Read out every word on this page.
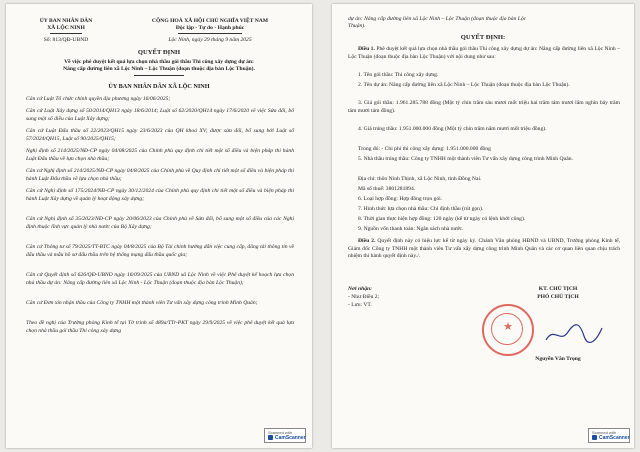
ỦY BAN NHÂN DÂN
XÃ LỘC NINH
Số: 813/QĐ-UBND
CỘNG HOÀ XÃ HỘI CHỦ NGHĨA VIỆT NAM
Độc lập - Tự do - Hạnh phúc
Lộc Ninh, ngày 29 tháng 9 năm 2025
QUYẾT ĐỊNH
Về việc phê duyệt kết quả lựa chọn nhà thầu gói thầu Thi công xây dựng dự án:
Nâng cấp đường liên xã Lộc Ninh – Lộc Thuận (đoạn thuộc địa bàn Lộc Thuận).
ỦY BAN NHÂN DÂN XÃ LỘC NINH
Căn cứ Luật Tổ chức chính quyền địa phương ngày 16/06/2025;
Căn cứ Luật Xây dựng số 50/2014/QH13 ngày 18/6/2014; Luật số 62/2020/QH14 ngày 17/6/2020 về việc Sửa đổi, bổ sung một số điều của Luật Xây dựng;
Căn cứ Luật Đấu thầu số 22/2023/QH15 ngày 23/6/2023 của QH khoá XV; được sửa đổi, bổ sung bởi Luật số 57/2024/QH15, Luật số 90/2025/QH15;
Nghị định số 214/2025/NĐ-CP ngày 04/08/2025 của Chính phủ quy định chi tiết một số điều và biện pháp thi hành Luật Đấu thầu về lựa chọn nhà thầu;
Căn cứ Nghị định số 214/2025/NĐ-CP ngày 04/8/2025 của Chính phủ về Quy định chi tiết một số điều và biện pháp thi hành Luật Đấu thầu về lựa chọn nhà thầu;
Căn cứ Nghị định số 175/2024/NĐ-CP ngày 30/12/2024 của Chính phủ quy định chi tiết một số điều và biện pháp thi hành Luật Xây dựng về quản lý hoạt động xây dựng;
Căn cứ Nghị định số 35/2023/NĐ-CP ngày 20/06/2023 của Chính phủ về Sửa đổi, bổ sung một số điều của các Nghị định thuộc lĩnh vực quản lý nhà nước của Bộ Xây dựng;
Căn cứ Thông tư số 79/2025/TT-BTC ngày 04/8/2025 của Bộ Tài chính hướng dẫn việc cung cấp, đăng tải thông tin về đấu thầu và mẫu hồ sơ đấu thầu trên hệ thống mạng đấu thầu quốc gia;
Căn cứ Quyết định số 626/QĐ-UBND ngày 16/09/2025 của UBND xã Lộc Ninh về việc Phê duyệt kế hoạch lựa chọn nhà thầu dự án: Nâng cấp đường liên xã Lộc Ninh - Lộc Thuận (đoạn thuộc địa bàn Lộc Thuận);
Căn cứ Đơn xin nhận thầu của Công ty TNHH một thành viên Tư vấn xây dựng công trình Minh Quân;
Theo đề nghị của Trưởng phòng Kinh tế tại Tờ trình số 489a/TTr-PKT ngày 29/9/2025 về việc phê duyệt kết quả lựa chọn nhà thầu gói thầu Thi công xây dựng
Scanned with
CamScanner
dự án: Nâng cấp đường liên xã Lộc Ninh – Lộc Thuận (đoạn thuộc địa bàn Lộc
Thuận).
QUYẾT ĐỊNH:
Điều 1. Phê duyệt kết quả lựa chọn nhà thầu gói thầu Thi công xây dựng dự án: Nâng cấp đường liên xã Lộc Ninh – Lộc Thuận (đoạn thuộc địa bàn Lộc Thuận) với nội dung như sau:
1. Tên gói thầu: Thi công xây dựng.
2. Tên dự án: Nâng cấp đường liên xã Lộc Ninh – Lộc Thuận (đoạn thuộc địa bàn Lộc Thuận).
3. Giá gói thầu: 1.961.285.788 đồng (Một tỷ chín trăm sáu mươi mốt triệu hai trăm tám mươi lăm nghìn bảy trăm tám mươi tám đồng).
4. Giá trúng thầu: 1.951.000.000 đồng (Một tỷ chín trăm năm mươi mốt triệu đồng).
Trong đó: - Chi phí thi công xây dựng: 1.951.000.000 đồng
5. Nhà thầu trúng thầu: Công ty TNHH một thành viên Tư vấn xây dựng công trình Minh Quân.
Địa chỉ: thôn Ninh Thịnh, xã Lộc Ninh, tỉnh Đồng Nai.
Mã số thuế: 3801281894.
6. Loại hợp đồng: Hợp đồng trọn gói.
7. Hình thức lựa chọn nhà thầu: Chỉ định thầu (rút gọn).
8. Thời gian thực hiện hợp đồng: 120 ngày (kể từ ngày có lệnh khởi công).
9. Nguồn vốn thanh toán: Ngân sách nhà nước.
Điều 2. Quyết định này có hiệu lực kể từ ngày ký. Chánh Văn phòng HĐND và UBND, Trưởng phòng Kinh tế, Giám đốc Công ty TNHH một thành viên Tư vấn xây dựng công trình Minh Quân và các cơ quan liên quan chịu trách nhiệm thi hành quyết định này./.
Nơi nhận:
- Như Điều 2;
- Lưu: VT.
KT. CHỦ TỊCH
PHÓ CHỦ TỊCH
★
Nguyễn Văn Trọng
Scanned with
CamScanner
